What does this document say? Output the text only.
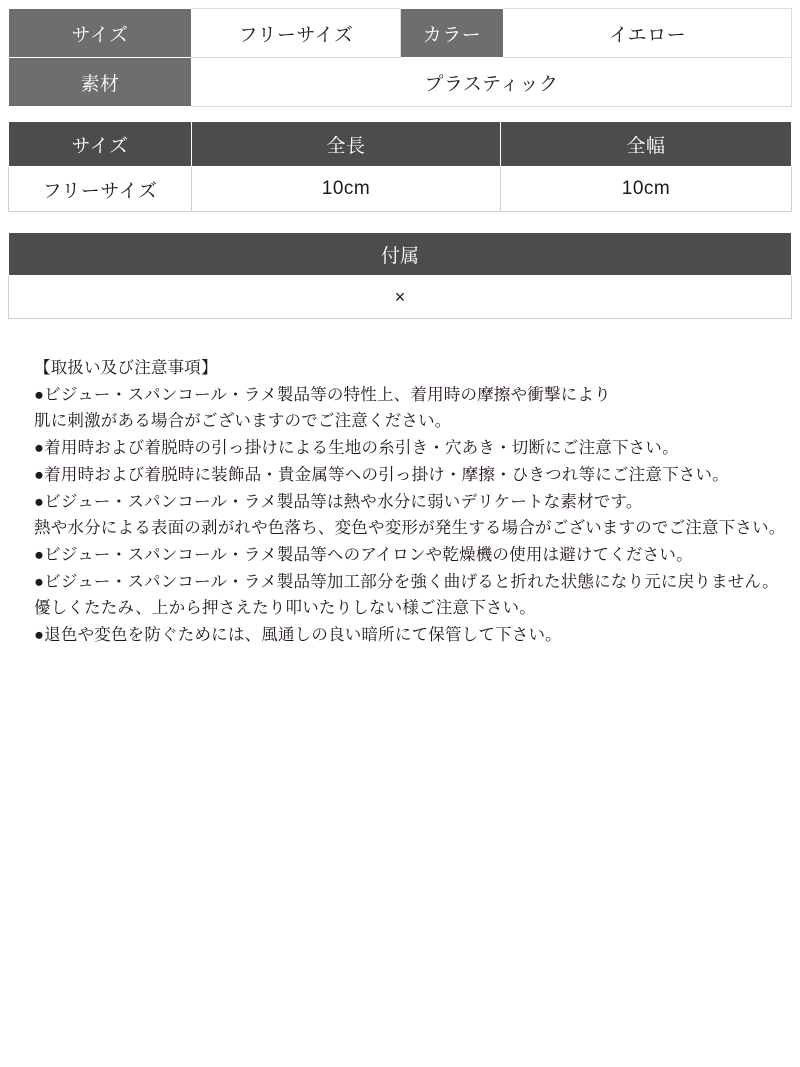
サイズ	フリーサイズ	カラー	イエロー
素材	プラスティック		
サイズ	全長	全幅
フリーサイズ	10cm	10cm
付属
×

【取扱い及び注意事項】

●ビジュー・スパンコール・ラメ製品等の特性上、着用時の摩擦や衝撃により

肌に刺激がある場合がございますのでご注意ください。

●着用時および着脱時の引っ掛けによる生地の糸引き・穴あき・切断にご注意下さい。

●着用時および着脱時に装飾品・貴金属等への引っ掛け・摩擦・ひきつれ等にご注意下さい。

●ビジュー・スパンコール・ラメ製品等は熱や水分に弱いデリケートな素材です。

熱や水分による表面の剥がれや色落ち、変色や変形が発生する場合がございますのでご注意下さい。

●ビジュー・スパンコール・ラメ製品等へのアイロンや乾燥機の使用は避けてください。

●ビジュー・スパンコール・ラメ製品等加工部分を強く曲げると折れた状態になり元に戻りません。

優しくたたみ、上から押さえたり叩いたりしない様ご注意下さい。

●退色や変色を防ぐためには、風通しの良い暗所にて保管して下さい。
